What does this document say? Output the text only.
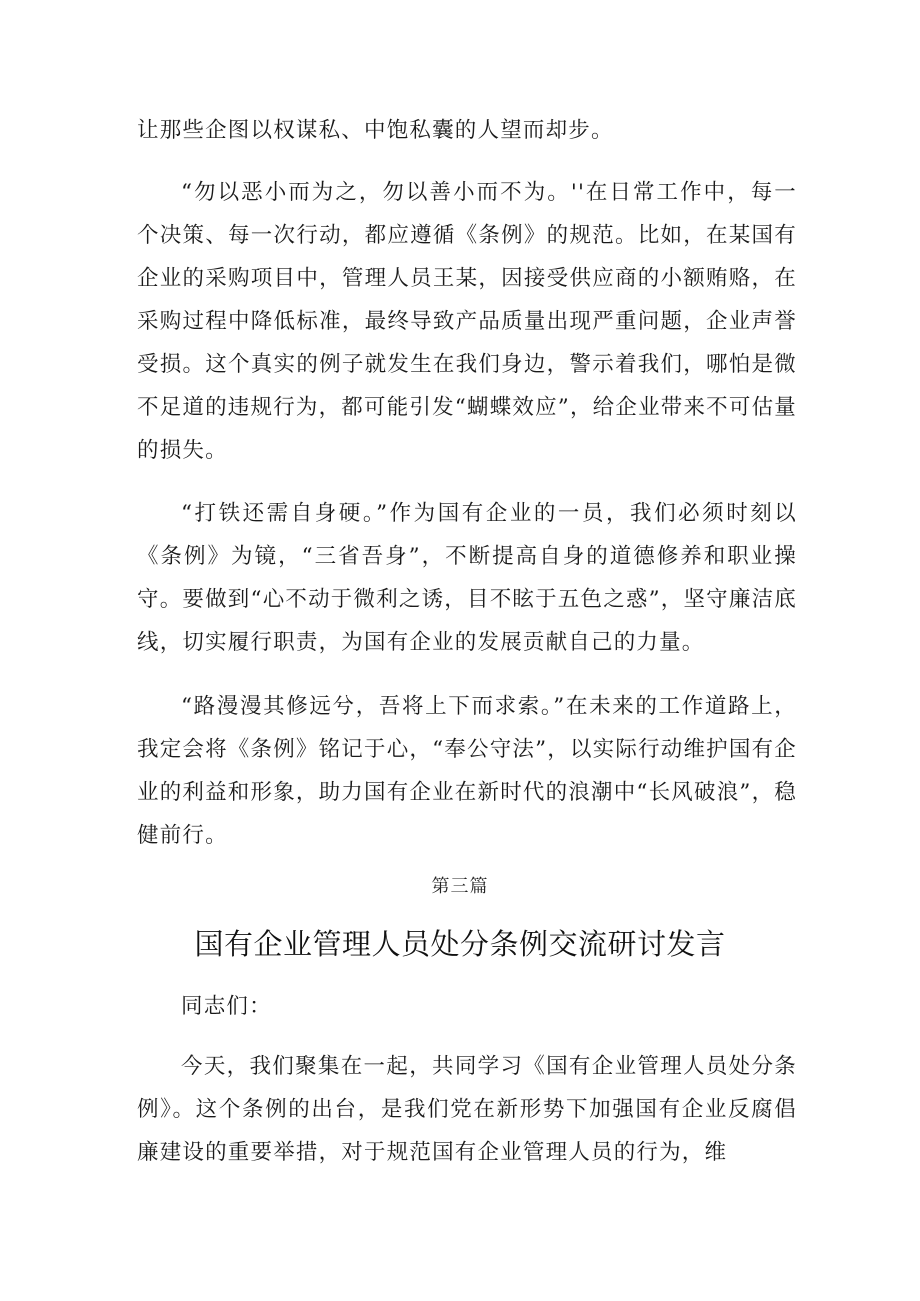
让那些企图以权谋私、中饱私囊的人望而却步。

“勿以恶小而为之，勿以善小而不为。''在日常工作中，每一个决策、每一次行动，都应遵循《条例》的规范。比如，在某国有企业的采购项目中，管理人员王某，因接受供应商的小额贿赂，在采购过程中降低标准，最终导致产品质量出现严重问题，企业声誉受损。这个真实的例子就发生在我们身边，警示着我们，哪怕是微不足道的违规行为，都可能引发“蝴蝶效应”，给企业带来不可估量的损失。

“打铁还需自身硬。”作为国有企业的一员，我们必须时刻以《条例》为镜，“三省吾身”，不断提高自身的道德修养和职业操守。要做到“心不动于微利之诱，目不眩于五色之惑”，坚守廉洁底线，切实履行职责，为国有企业的发展贡献自己的力量。

“路漫漫其修远兮，吾将上下而求索。”在未来的工作道路上，我定会将《条例》铭记于心，“奉公守法”，以实际行动维护国有企业的利益和形象，助力国有企业在新时代的浪潮中“长风破浪”，稳健前行。

第三篇

国有企业管理人员处分条例交流研讨发言

同志们：

今天，我们聚集在一起，共同学习《国有企业管理人员处分条例》。这个条例的出台，是我们党在新形势下加强国有企业反腐倡廉建设的重要举措，对于规范国有企业管理人员的行为，维
